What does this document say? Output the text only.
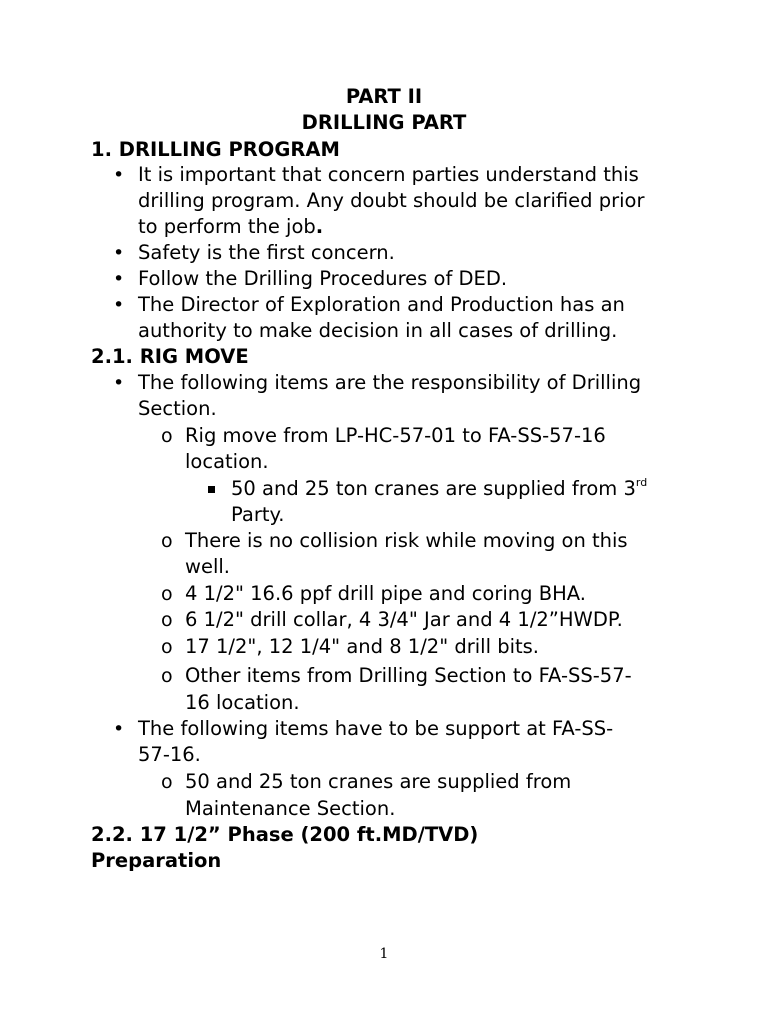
PART II
DRILLING PART
1. DRILLING PROGRAM
• It is important that concern parties understand this
drilling program. Any doubt should be clarified prior
to perform the job.
• Safety is the first concern.
• Follow the Drilling Procedures of DED.
• The Director of Exploration and Production has an
authority to make decision in all cases of drilling.
2.1. RIG MOVE
• The following items are the responsibility of Drilling
Section.
o Rig move from LP-HC-57-01 to FA-SS-57-16
location.
50 and 25 ton cranes are supplied from 3rd
Party.
o There is no collision risk while moving on this
well.
o 4 1/2" 16.6 ppf drill pipe and coring BHA.
o 6 1/2" drill collar, 4 3/4" Jar and 4 1/2”HWDP.
o 17 1/2", 12 1/4" and 8 1/2" drill bits.
o Other items from Drilling Section to FA-SS-57-
16 location.
• The following items have to be support at FA-SS-
57-16.
o 50 and 25 ton cranes are supplied from
Maintenance Section.
2.2. 17 1/2” Phase (200 ft.MD/TVD)
Preparation
1
